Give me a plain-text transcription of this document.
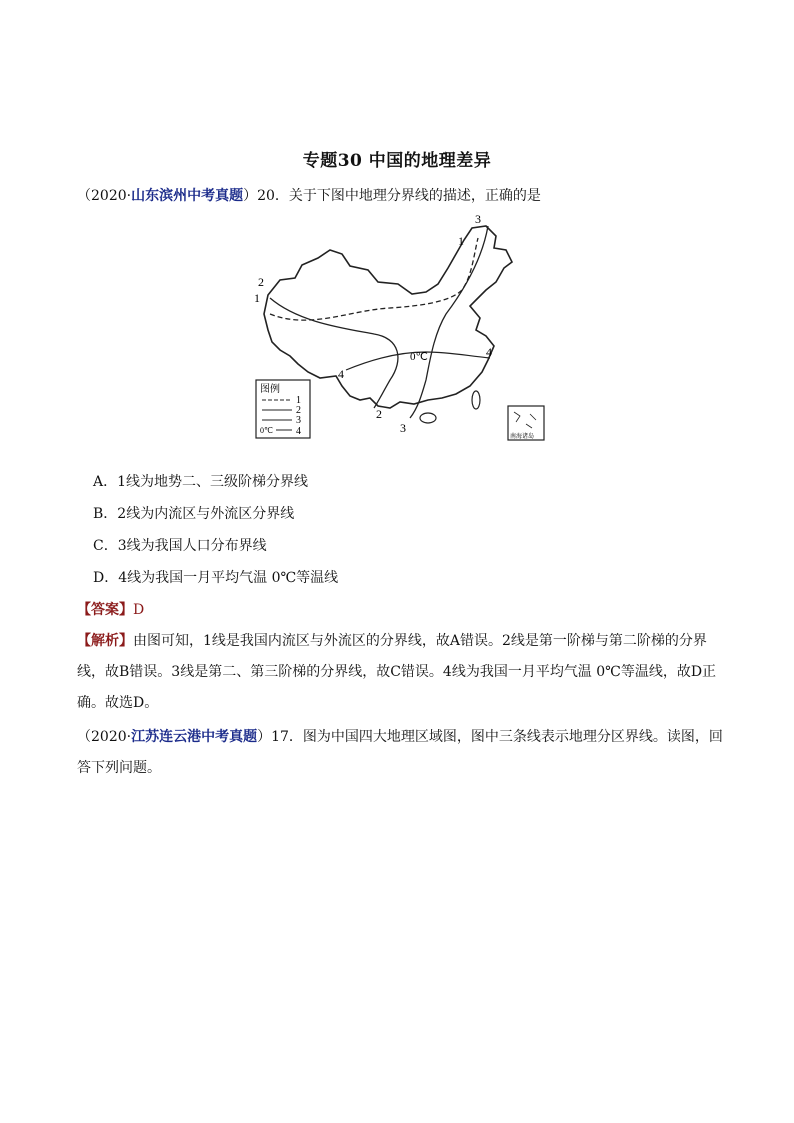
专题30 中国的地理差异
（2020·山东滨州中考真题）20．关于下图中地理分界线的描述，正确的是
3
1
2
1
4
4
2
3
0℃
图例
1
2
3
0℃ 4	南海诸岛
A．1线为地势二、三级阶梯分界线
B．2线为内流区与外流区分界线
C．3线为我国人口分布界线
D．4线为我国一月平均气温 0℃等温线
【答案】D
【解析】由图可知，1线是我国内流区与外流区的分界线，故A错误。2线是第一阶梯与第二阶梯的分界线，故B错误。3线是第二、第三阶梯的分界线，故C错误。4线为我国一月平均气温 0℃等温线，故D正确。故选D。
（2020·江苏连云港中考真题）17．图为中国四大地理区域图，图中三条线表示地理分区界线。读图，回答下列问题。
